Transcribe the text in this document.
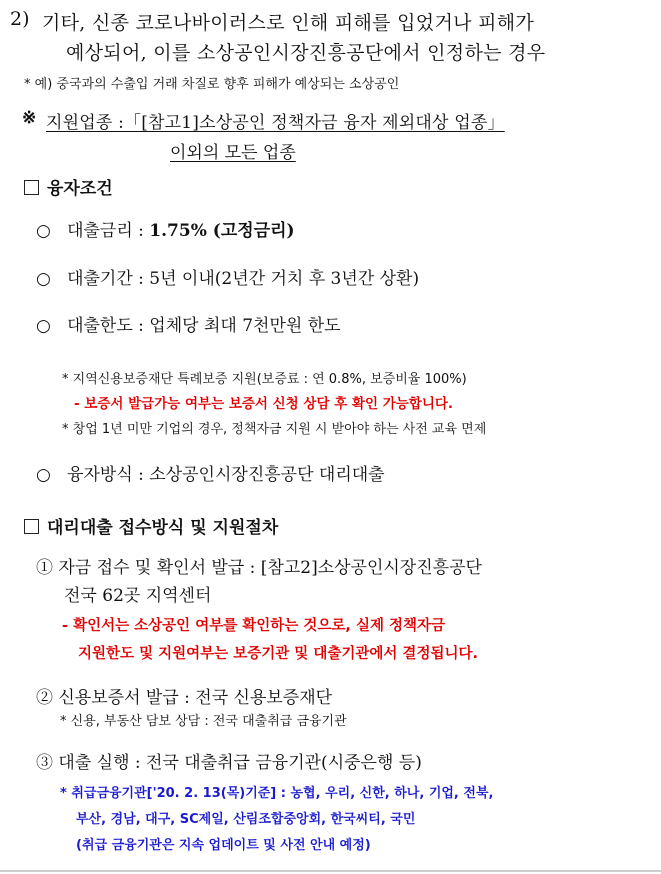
2) 기타, 신종 코로나바이러스로 인해 피해를 입었거나 피해가
예상되어, 이를 소상공인시장진흥공단에서 인정하는 경우
* 예) 중국과의 수출입 거래 차질로 향후 피해가 예상되는 소상공인
※ 지원업종 :「[참고1]소상공인 정책자금 융자 제외대상 업종」
이외의 모든 업종
융자조건
○ 대출금리 : 1.75% (고정금리)
○ 대출기간 : 5년 이내(2년간 거치 후 3년간 상환)
○ 대출한도 : 업체당 최대 7천만원 한도
* 지역신용보증재단 특례보증 지원(보증료 : 연 0.8%, 보증비율 100%)
- 보증서 발급가능 여부는 보증서 신청 상담 후 확인 가능합니다.
* 창업 1년 미만 기업의 경우, 정책자금 지원 시 받아야 하는 사전 교육 면제
○ 융자방식 : 소상공인시장진흥공단 대리대출
대리대출 접수방식 및 지원절차
① 자금 접수 및 확인서 발급 : [참고2]소상공인시장진흥공단
전국 62곳 지역센터
- 확인서는 소상공인 여부를 확인하는 것으로, 실제 정책자금
지원한도 및 지원여부는 보증기관 및 대출기관에서 결정됩니다.
② 신용보증서 발급 : 전국 신용보증재단
* 신용, 부동산 담보 상담 : 전국 대출취급 금융기관
③ 대출 실행 : 전국 대출취급 금융기관(시중은행 등)
* 취급금융기관['20. 2. 13(목)기준] : 농협, 우리, 신한, 하나, 기업, 전북,
부산, 경남, 대구, SC제일, 산림조합중앙회, 한국씨티, 국민
(취급 금융기관은 지속 업데이트 및 사전 안내 예정)
